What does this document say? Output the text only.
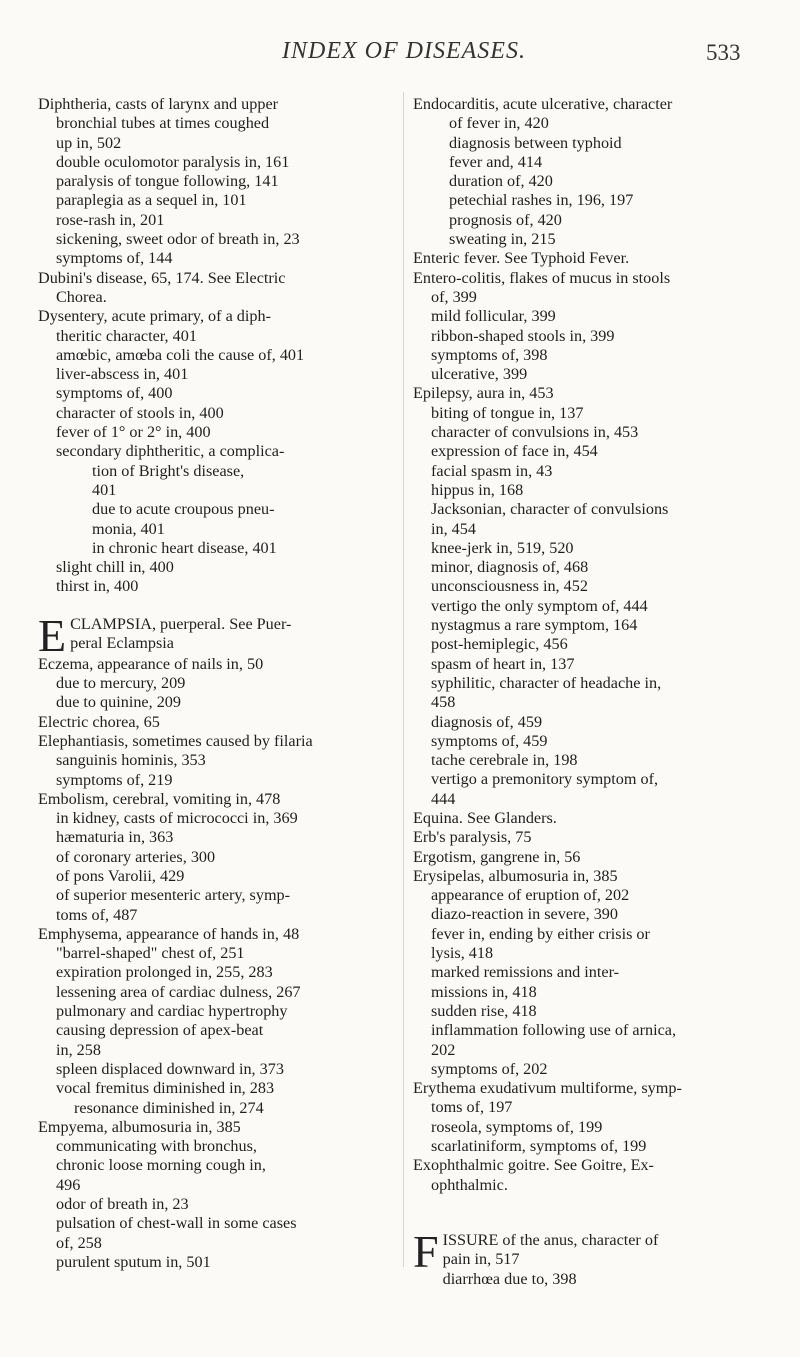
INDEX OF DISEASES.	533
Diphtheria, casts of larynx and upper
bronchial tubes at times coughed
up in, 502
double oculomotor paralysis in, 161
paralysis of tongue following, 141
paraplegia as a sequel in, 101
rose-rash in, 201
sickening, sweet odor of breath in, 23
symptoms of, 144
Dubini's disease, 65, 174. See Electric
Chorea.
Dysentery, acute primary, of a diph-
theritic character, 401
amœbic, amœba coli the cause of, 401
liver-abscess in, 401
symptoms of, 400
character of stools in, 400
fever of 1° or 2° in, 400
secondary diphtheritic, a complica-
tion of Bright's disease,
401
due to acute croupous pneu-
monia, 401
in chronic heart disease, 401
slight chill in, 400
thirst in, 400
E CLAMPSIA, puerperal. See Puer-
peral Eclampsia
Eczema, appearance of nails in, 50
due to mercury, 209
due to quinine, 209
Electric chorea, 65
Elephantiasis, sometimes caused by filaria
sanguinis hominis, 353
symptoms of, 219
Embolism, cerebral, vomiting in, 478
in kidney, casts of micrococci in, 369
hæmaturia in, 363
of coronary arteries, 300
of pons Varolii, 429
of superior mesenteric artery, symp-
toms of, 487
Emphysema, appearance of hands in, 48
"barrel-shaped" chest of, 251
expiration prolonged in, 255, 283
lessening area of cardiac dulness, 267
pulmonary and cardiac hypertrophy
causing depression of apex-beat
in, 258
spleen displaced downward in, 373
vocal fremitus diminished in, 283
resonance diminished in, 274
Empyema, albumosuria in, 385
communicating with bronchus,
chronic loose morning cough in,
496
odor of breath in, 23
pulsation of chest-wall in some cases
of, 258
purulent sputum in, 501
Endocarditis, acute ulcerative, character
of fever in, 420
diagnosis between typhoid
fever and, 414
duration of, 420
petechial rashes in, 196, 197
prognosis of, 420
sweating in, 215
Enteric fever. See Typhoid Fever.
Entero-colitis, flakes of mucus in stools
of, 399
mild follicular, 399
ribbon-shaped stools in, 399
symptoms of, 398
ulcerative, 399
Epilepsy, aura in, 453
biting of tongue in, 137
character of convulsions in, 453
expression of face in, 454
facial spasm in, 43
hippus in, 168
Jacksonian, character of convulsions
in, 454
knee-jerk in, 519, 520
minor, diagnosis of, 468
unconsciousness in, 452
vertigo the only symptom of, 444
nystagmus a rare symptom, 164
post-hemiplegic, 456
spasm of heart in, 137
syphilitic, character of headache in,
458
diagnosis of, 459
symptoms of, 459
tache cerebrale in, 198
vertigo a premonitory symptom of,
444
Equina. See Glanders.
Erb's paralysis, 75
Ergotism, gangrene in, 56
Erysipelas, albumosuria in, 385
appearance of eruption of, 202
diazo-reaction in severe, 390
fever in, ending by either crisis or
lysis, 418
marked remissions and inter-
missions in, 418
sudden rise, 418
inflammation following use of arnica,
202
symptoms of, 202
Erythema exudativum multiforme, symp-
toms of, 197
roseola, symptoms of, 199
scarlatiniform, symptoms of, 199
Exophthalmic goitre. See Goitre, Ex-
ophthalmic.
F ISSURE of the anus, character of
pain in, 517
diarrhœa due to, 398
